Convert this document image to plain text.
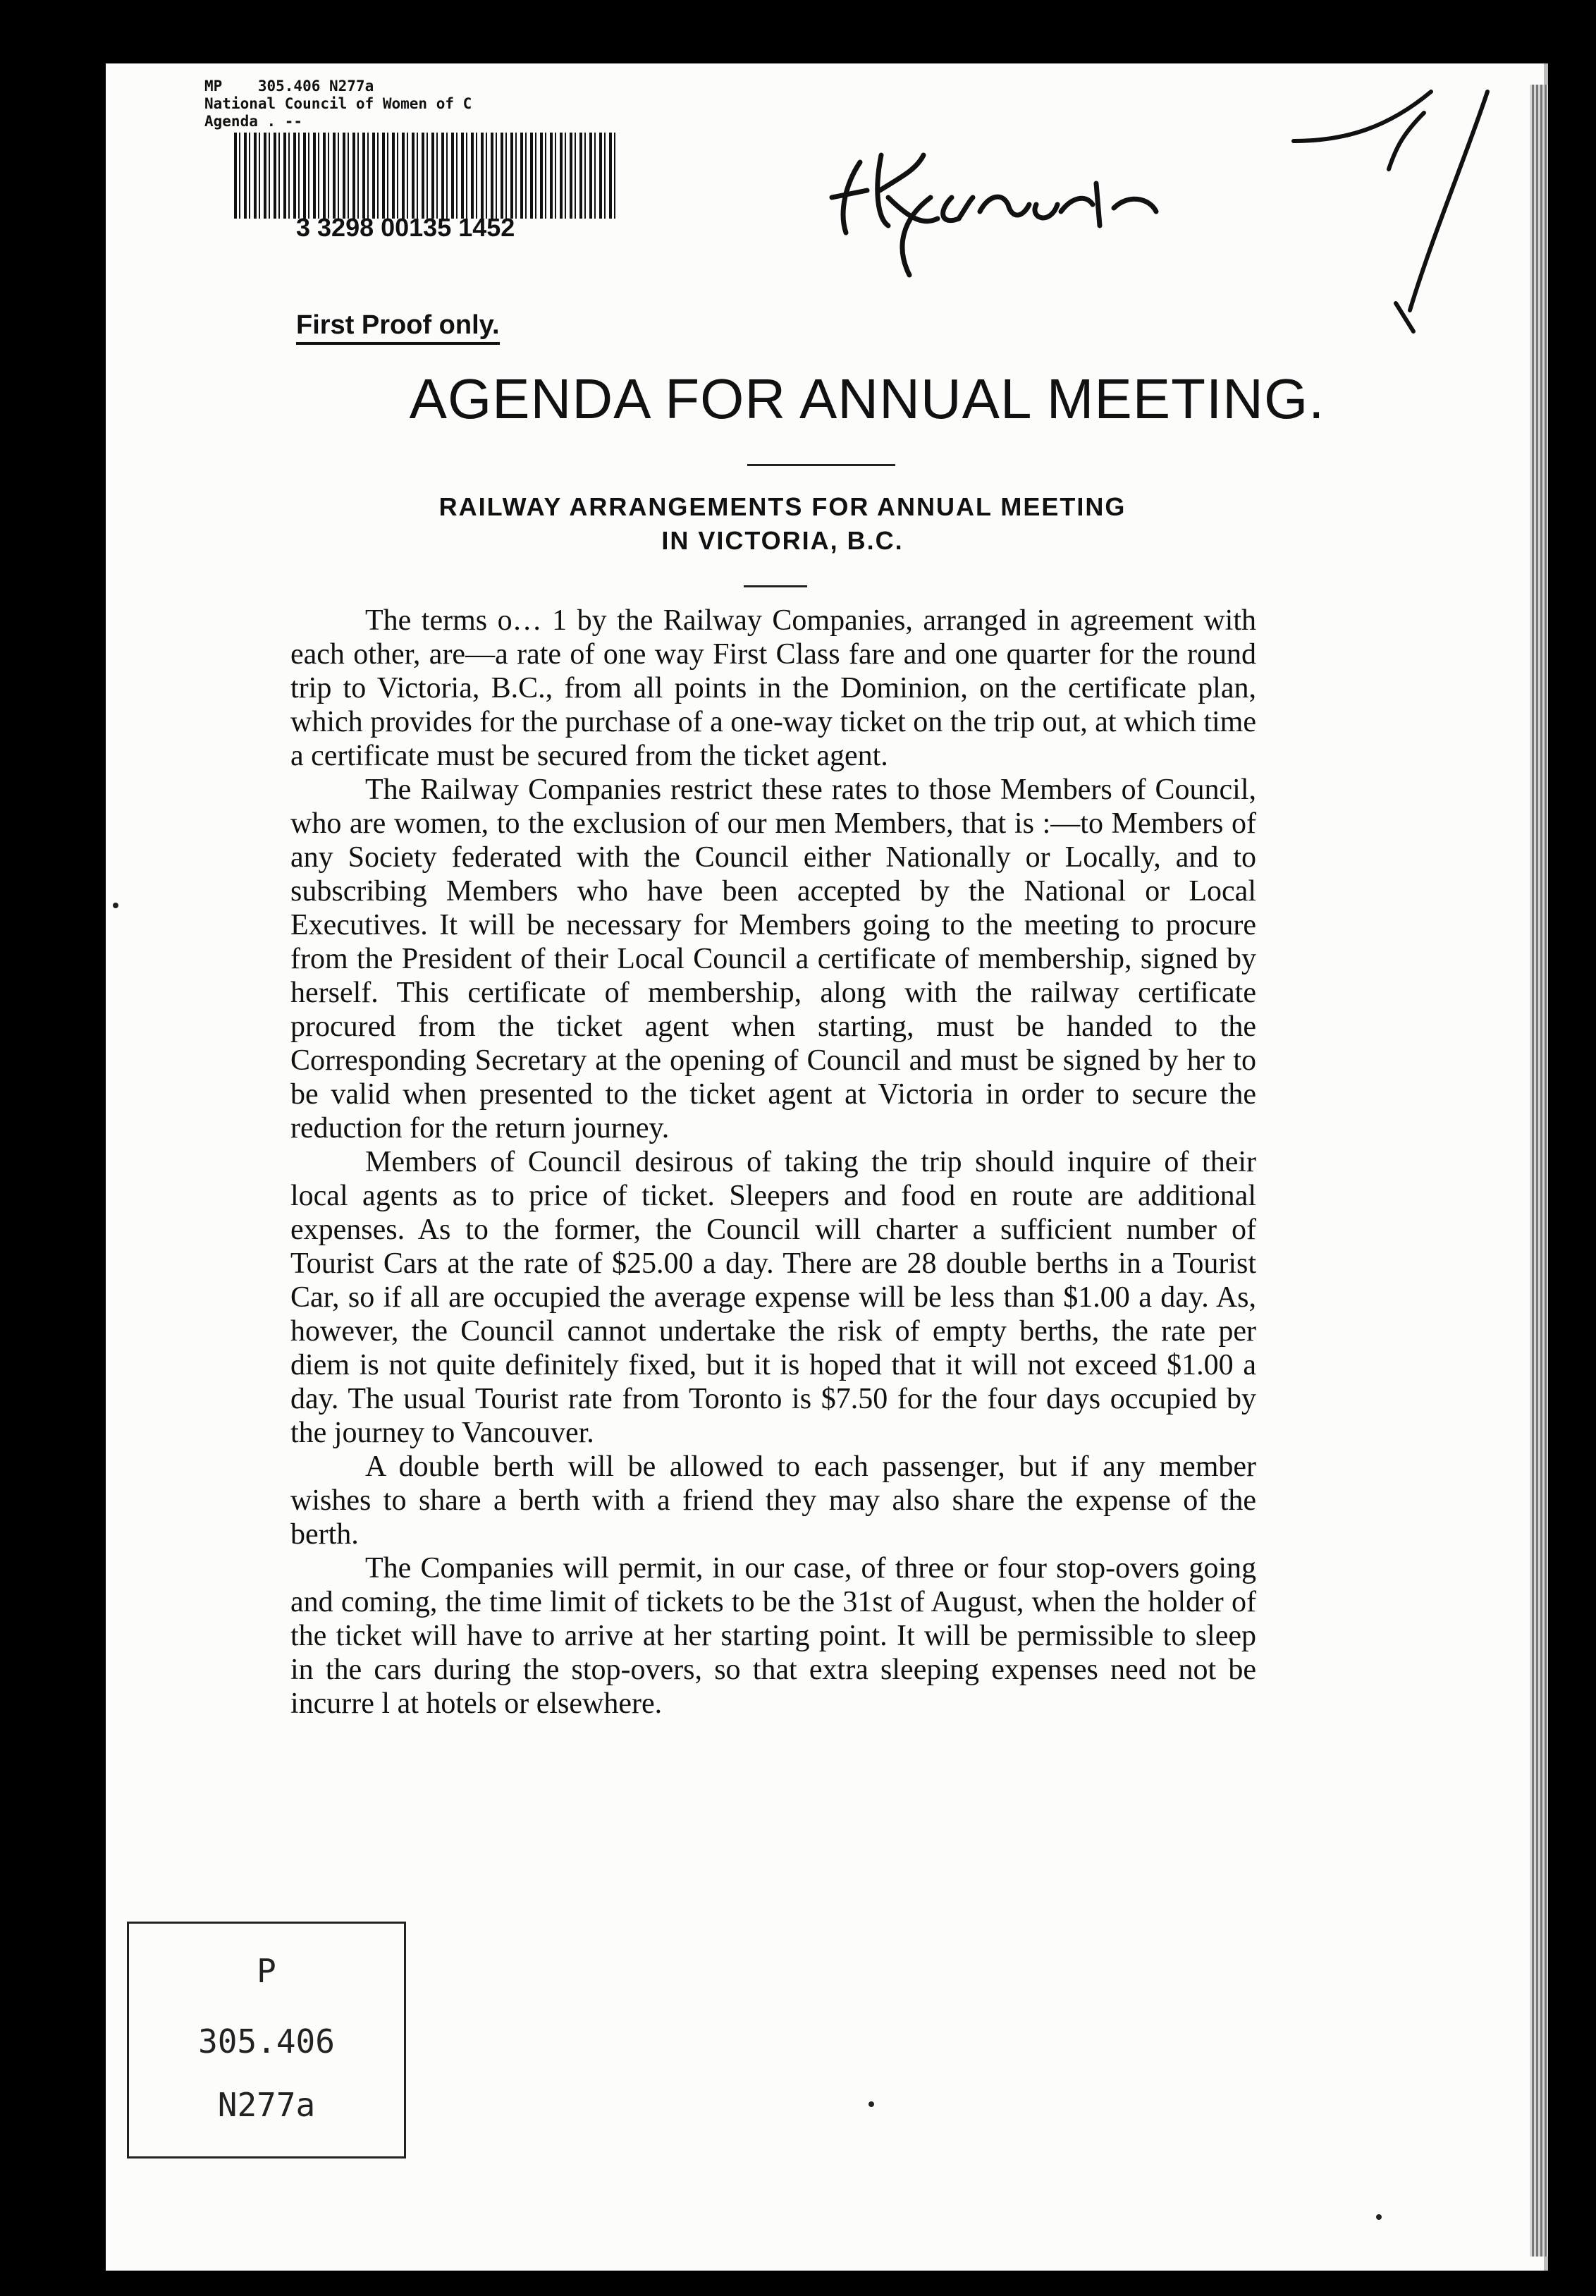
MP    305.406 N277a
National Council of Women of C
Agenda . --
3 3298 00135 1452
First Proof only.
AGENDA FOR ANNUAL MEETING.
RAILWAY ARRANGEMENTS FOR ANNUAL MEETING
IN VICTORIA, B.C.

The terms o… 1 by the Railway Companies, arranged in agreement with each other, are—a rate of one way First Class fare and one quarter for the round trip to Victoria, B.C., from all points in the Dominion, on the certificate plan, which provides for the purchase of a one-way ticket on the trip out, at which time a certificate must be secured from the ticket agent.

The Railway Companies restrict these rates to those Members of Council, who are women, to the exclusion of our men Members, that is :—to Members of any Society federated with the Council either Nationally or Locally, and to subscribing Members who have been accepted by the National or Local Executives. It will be necessary for Members going to the meeting to procure from the President of their Local Council a certificate of membership, signed by herself. This certificate of membership, along with the railway certificate procured from the ticket agent when starting, must be handed to the Corresponding Secretary at the opening of Council and must be signed by her to be valid when presented to the ticket agent at Victoria in order to secure the reduction for the return journey.

Members of Council desirous of taking the trip should inquire of their local agents as to price of ticket. Sleepers and food en route are additional expenses. As to the former, the Council will charter a sufficient number of Tourist Cars at the rate of $25.00 a day. There are 28 double berths in a Tourist Car, so if all are occupied the average expense will be less than $1.00 a day. As, however, the Council cannot undertake the risk of empty berths, the rate per diem is not quite definitely fixed, but it is hoped that it will not exceed $1.00 a day. The usual Tourist rate from Toronto is $7.50 for the four days occupied by the journey to Vancouver.

A double berth will be allowed to each passenger, but if any member wishes to share a berth with a friend they may also share the expense of the berth.

The Companies will permit, in our case, of three or four stop-overs going and coming, the time limit of tickets to be the 31st of August, when the holder of the ticket will have to arrive at her starting point. It will be permissible to sleep in the cars during the stop-overs, so that extra sleeping expenses need not be incurre l at hotels or elsewhere.

P
305.406
N277a
